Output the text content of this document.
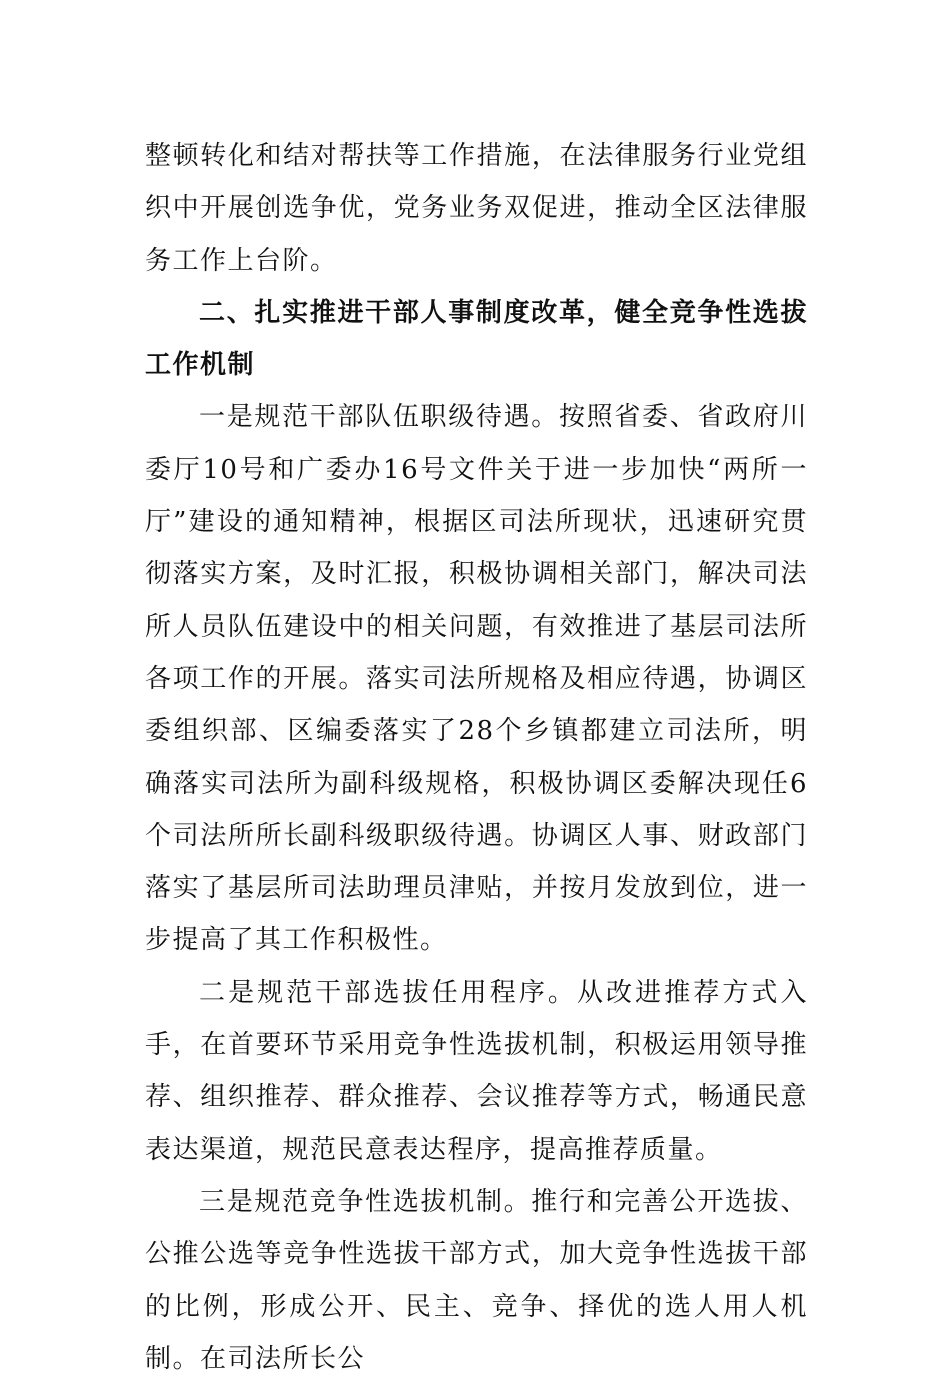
整顿转化和结对帮扶等工作措施，在法律服务行业党组织中开展创选争优，党务业务双促进，推动全区法律服务工作上台阶。

二、扎实推进干部人事制度改革，健全竞争性选拔工作机制

一是规范干部队伍职级待遇。按照省委、省政府川委厅10号和广委办16号文件关于进一步加快“两所一厅”建设的通知精神，根据区司法所现状，迅速研究贯彻落实方案，及时汇报，积极协调相关部门，解决司法所人员队伍建设中的相关问题，有效推进了基层司法所各项工作的开展。落实司法所规格及相应待遇，协调区委组织部、区编委落实了28个乡镇都建立司法所，明确落实司法所为副科级规格，积极协调区委解决现任6个司法所所长副科级职级待遇。协调区人事、财政部门落实了基层所司法助理员津贴，并按月发放到位，进一步提高了其工作积极性。

二是规范干部选拔任用程序。从改进推荐方式入手，在首要环节采用竞争性选拔机制，积极运用领导推荐、组织推荐、群众推荐、会议推荐等方式，畅通民意表达渠道，规范民意表达程序，提高推荐质量。

三是规范竞争性选拔机制。推行和完善公开选拔、公推公选等竞争性选拔干部方式，加大竞争性选拔干部的比例，形成公开、民主、竞争、择优的选人用人机制。在司法所长公
